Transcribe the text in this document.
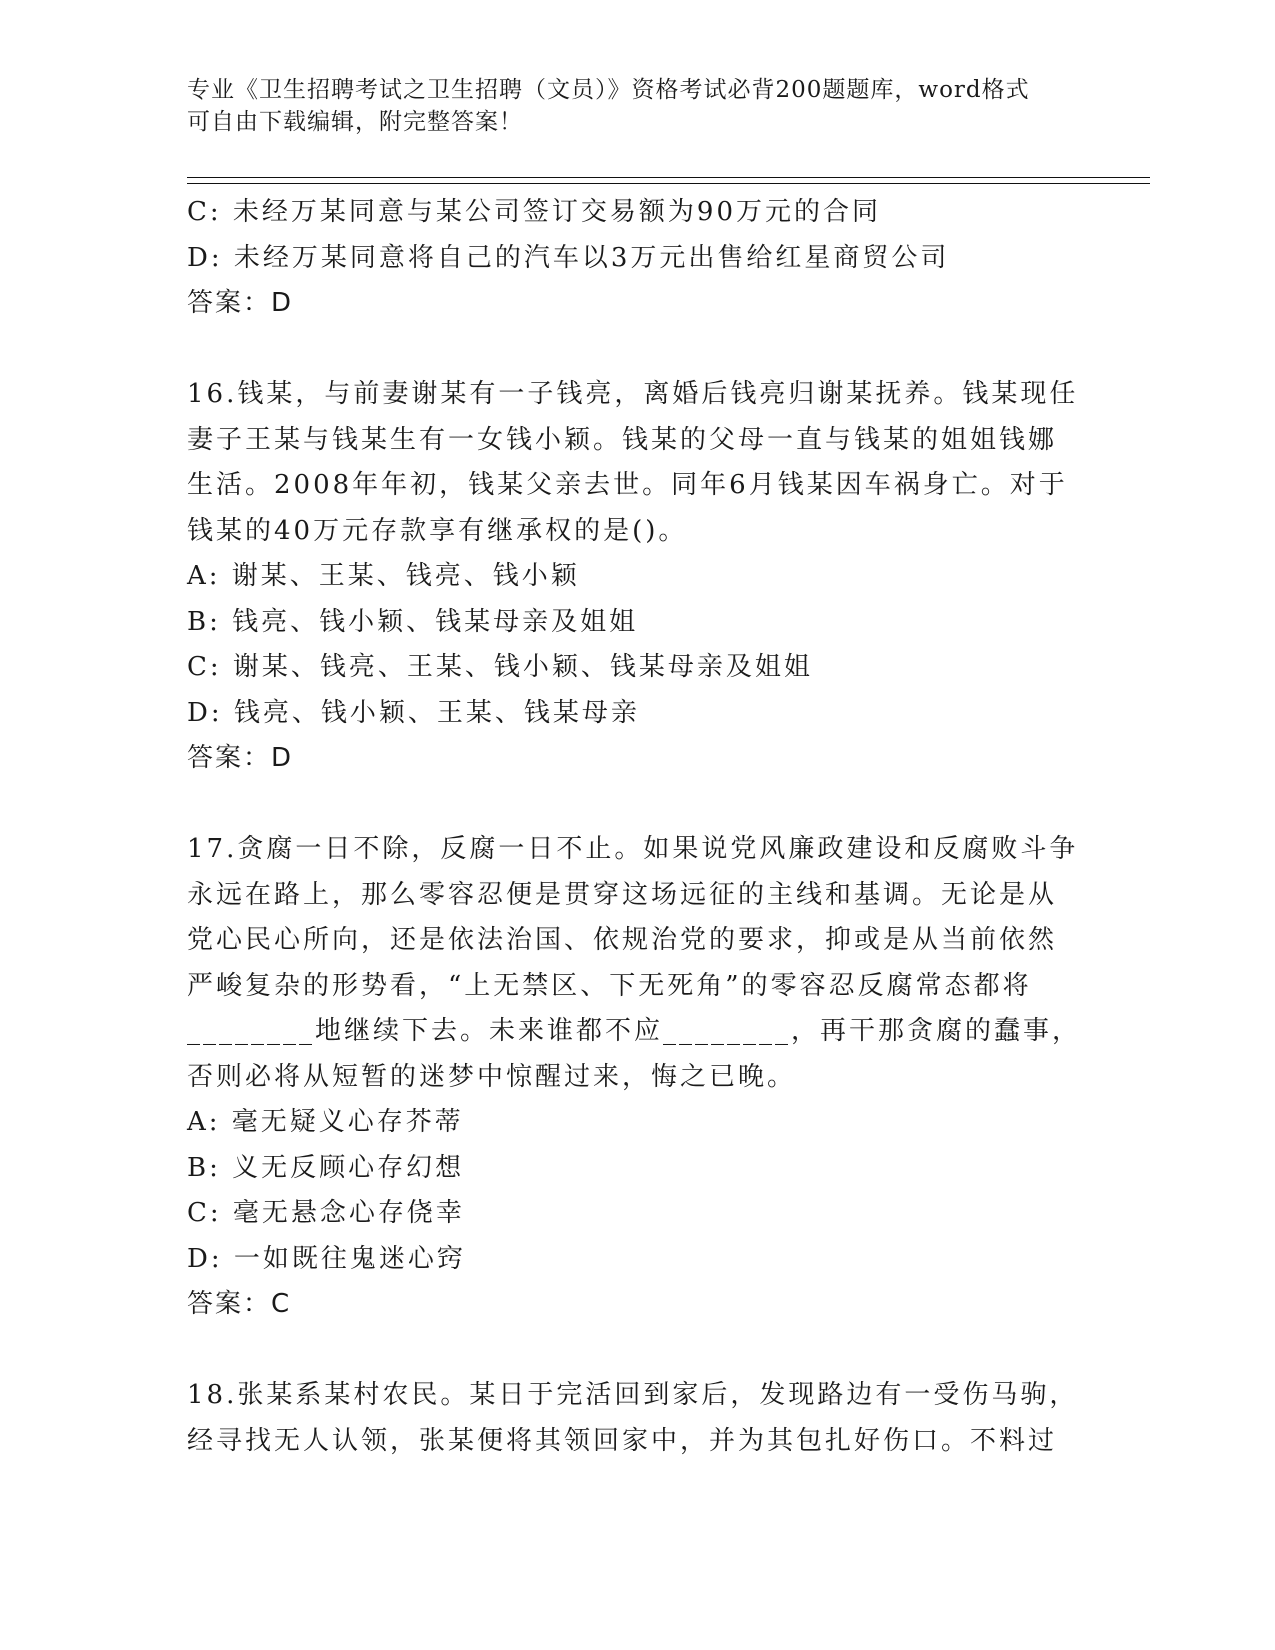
专业《卫生招聘考试之卫生招聘（文员）》资格考试必背200题题库，word格式
可自由下载编辑，附完整答案！
C: 未经万某同意与某公司签订交易额为90万元的合同
D: 未经万某同意将自己的汽车以3万元出售给红星商贸公司
答案：D
16.钱某，与前妻谢某有一子钱亮，离婚后钱亮归谢某抚养。钱某现任
妻子王某与钱某生有一女钱小颖。钱某的父母一直与钱某的姐姐钱娜
生活。2008年年初，钱某父亲去世。同年6月钱某因车祸身亡。对于
钱某的40万元存款享有继承权的是()。
A: 谢某、王某、钱亮、钱小颖
B: 钱亮、钱小颖、钱某母亲及姐姐
C: 谢某、钱亮、王某、钱小颖、钱某母亲及姐姐
D: 钱亮、钱小颖、王某、钱某母亲
答案：D
17.贪腐一日不除，反腐一日不止。如果说党风廉政建设和反腐败斗争
永远在路上，那么零容忍便是贯穿这场远征的主线和基调。无论是从
党心民心所向，还是依法治国、依规治党的要求，抑或是从当前依然
严峻复杂的形势看，“上无禁区、下无死角”的零容忍反腐常态都将
________地继续下去。未来谁都不应________，再干那贪腐的蠢事，
否则必将从短暂的迷梦中惊醒过来，悔之已晚。
A: 毫无疑义心存芥蒂
B: 义无反顾心存幻想
C: 毫无悬念心存侥幸
D: 一如既往鬼迷心窍
答案：C
18.张某系某村农民。某日于完活回到家后，发现路边有一受伤马驹，
经寻找无人认领，张某便将其领回家中，并为其包扎好伤口。不料过
